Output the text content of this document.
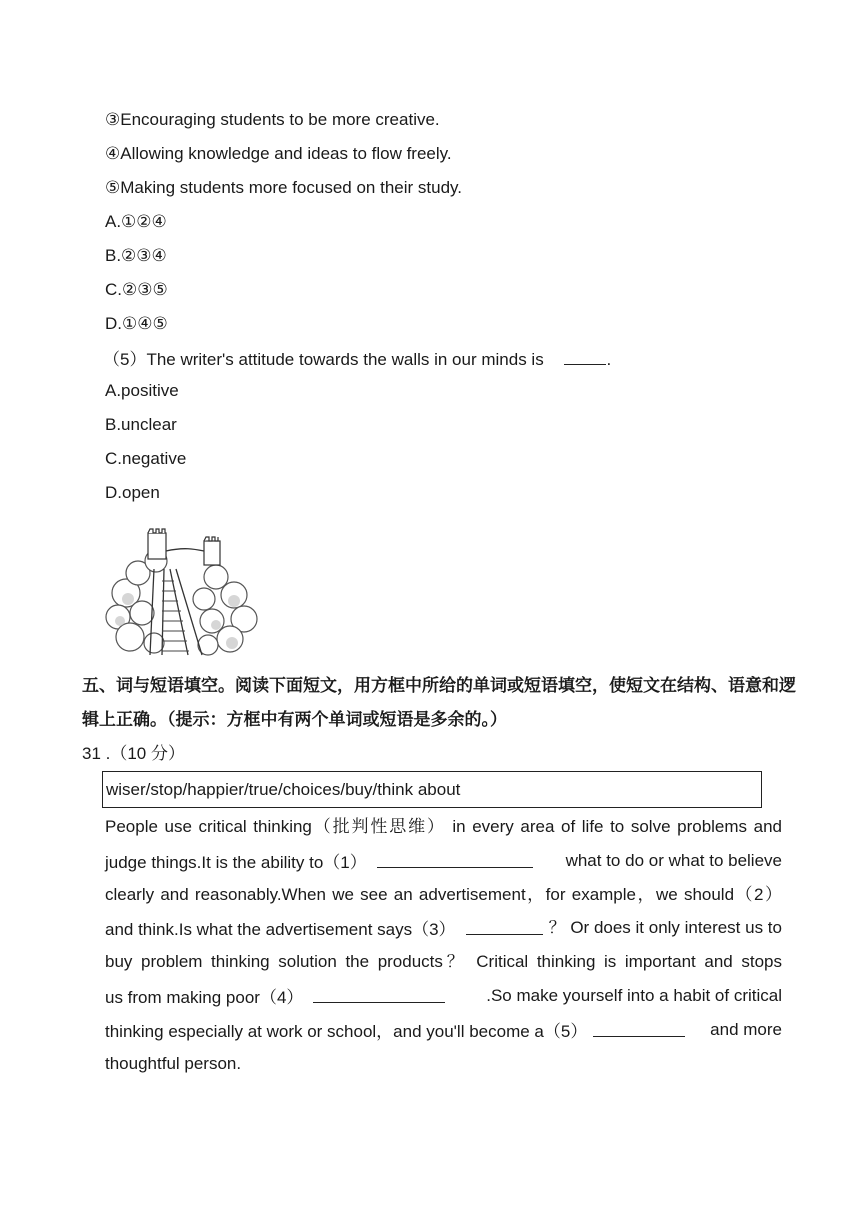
③Encouraging students to be more creative.
④Allowing knowledge and ideas to flow freely.
⑤Making students more focused on their study.
A.①②④
B.②③④
C.②③⑤
D.①④⑤
（5）The writer's attitude towards the walls in our minds is	.
A.positive
B.unclear
C.negative
D.open
五、词与短语填空。阅读下面短文，用方框中所给的单词或短语填空，使短文在结构、语意和逻
辑上正确。（提示：方框中有两个单词或短语是多余的。）
31 .（10 分）
wiser/stop/happier/true/choices/buy/think about
People use critical thinking（批判性思维） in every area of life to solve problems and
judge things.It is the ability to（1）	what to do or what to believe
clearly and reasonably.When we see an advertisement，for example，we should（2）
and think.Is what the advertisement says（3）	？ Or does it only interest us to
buy problem thinking solution the products？ Critical thinking is important and stops
us from making poor（4）	.So make yourself into a habit of critical
thinking especially at work or school，and you'll become a（5）	and more
thoughtful person.
